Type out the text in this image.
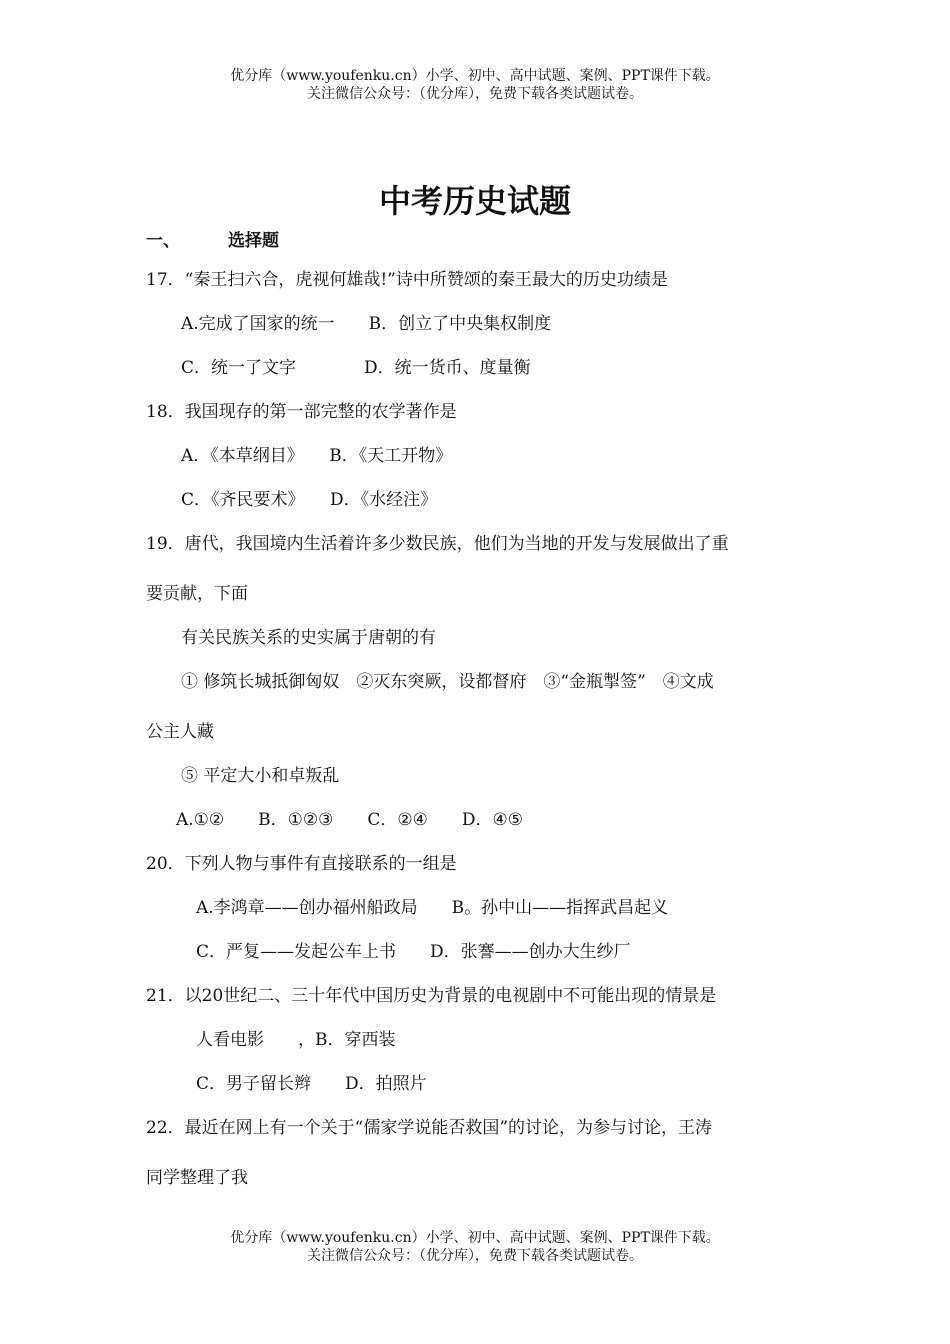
优分库（www.youfenku.cn）小学、初中、高中试题、案例、PPT课件下载。
关注微信公众号：（优分库），免费下载各类试题试卷。
中考历史试题
一、	选择题
17．“秦王扫六合，虎视何雄哉!”诗中所赞颂的秦王最大的历史功绩是
A.完成了国家的统一　　B．创立了中央集权制度
C．统一了文字　　　　D．统一货币、度量衡
18．我国现存的第一部完整的农学著作是
A．《本草纲目》　　B．《天工开物》
C．《齐民要术》　　D．《水经注》
19．唐代，我国境内生活着许多少数民族，他们为当地的开发与发展做出了重
要贡献，下面
有关民族关系的史实属于唐朝的有
① 修筑长城抵御匈奴　②灭东突厥，设都督府　③“金瓶掣签”　④文成
公主人藏
⑤ 平定大小和卓叛乱
A.①②　　B．①②③　　C．②④　　D．④⑤
20．下列人物与事件有直接联系的一组是
A.李鸿章——创办福州船政局　　B。孙中山——指挥武昌起义
C．严复——发起公车上书　　D．张謇——创办大生纱厂
21．以20世纪二、三十年代中国历史为背景的电视剧中不可能出现的情景是
人看电影　　，B．穿西装
C．男子留长辫　　D．拍照片
22．最近在网上有一个关于“儒家学说能否救国”的讨论，为参与讨论，王涛
同学整理了我
优分库（www.youfenku.cn）小学、初中、高中试题、案例、PPT课件下载。
关注微信公众号：（优分库），免费下载各类试题试卷。
